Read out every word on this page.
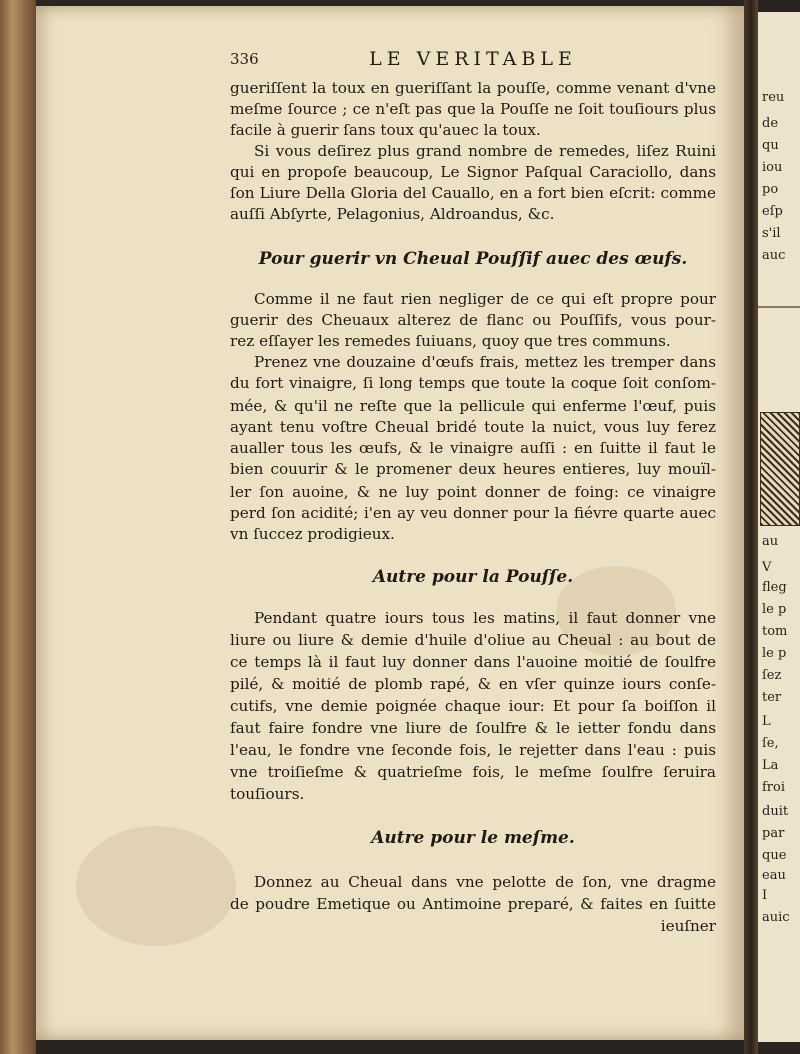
reu
de
qu
iou
po
eſp
s'il
auc
au
V
fleg
le p
tom
le p
ſez
ter
L
ſe,
La
froi
duit
par
que
eau
I
auic
336	LE VERITABLE
gueriſſent la toux en gueriſſant la pouſſe, comme venant d'vne
meſme ſource ; ce n'eſt pas que la Pouſſe ne ſoit touſiours plus
facile à guerir ſans toux qu'auec la toux.
Si vous deſirez plus grand nombre de remedes, liſez Ruini
qui en propoſe beaucoup, Le Signor Paſqual Caraciollo, dans
ſon Liure Della Gloria del Cauallo, en a fort bien eſcrit: comme
auſſi Abſyrte, Pelagonius, Aldroandus, &c.
Pour guerir vn Cheual Pouſſif auec des œufs.
Comme il ne faut rien negliger de ce qui eſt propre pour
guerir des Cheuaux alterez de flanc ou Pouſſifs, vous pour-
rez eſſayer les remedes ſuiuans, quoy que tres communs.
Prenez vne douzaine d'œufs frais, mettez les tremper dans
du fort vinaigre, ſi long temps que toute la coque ſoit conſom-
mée, & qu'il ne reſte que la pellicule qui enferme l'œuf, puis
ayant tenu voſtre Cheual bridé toute la nuict, vous luy ferez
aualler tous les œufs, & le vinaigre auſſi : en ſuitte il faut le
bien couurir & le promener deux heures entieres, luy mouïl-
ler ſon auoine, & ne luy point donner de foing: ce vinaigre
perd ſon acidité; i'en ay veu donner pour la fiévre quarte auec
vn ſuccez prodigieux.
Autre pour la Pouſſe.
Pendant quatre iours tous les matins, il faut donner vne
liure ou liure & demie d'huile d'oliue au Cheual : au bout de
ce temps là il faut luy donner dans l'auoine moitié de ſoulfre
pilé, & moitié de plomb rapé, & en vſer quinze iours conſe-
cutifs, vne demie poignée chaque iour: Et pour ſa boiſſon il
faut faire fondre vne liure de ſoulfre & le ietter fondu dans
l'eau, le fondre vne ſeconde fois, le rejetter dans l'eau : puis
vne troiſieſme & quatrieſme fois, le meſme ſoulfre ſeruira
touſiours.
Autre pour le meſme.
Donnez au Cheual dans vne pelotte de ſon, vne dragme
de poudre Emetique ou Antimoine preparé, & faites en ſuitte
ieuſner
